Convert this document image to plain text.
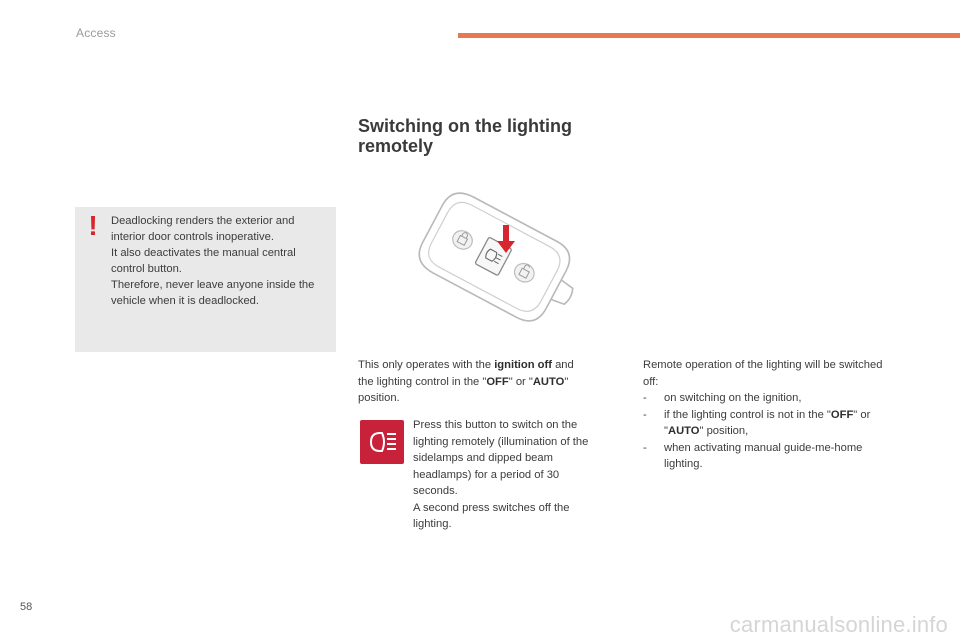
Access
! Deadlocking renders the exterior and interior door controls inoperative.
It also deactivates the manual central control button.
Therefore, never leave anyone inside the vehicle when it is deadlocked.
Switching on the lighting remotely
This only operates with the ignition off and the lighting control in the "OFF" or "AUTO" position.
Press this button to switch on the lighting remotely (illumination of the sidelamps and dipped beam headlamps) for a period of 30 seconds.
A second press switches off the lighting.
Remote operation of the lighting will be switched off:
- on switching on the ignition,
- if the lighting control is not in the "OFF" or "AUTO" position,
- when activating manual guide-me-home lighting.
58
carmanualsonline.info
